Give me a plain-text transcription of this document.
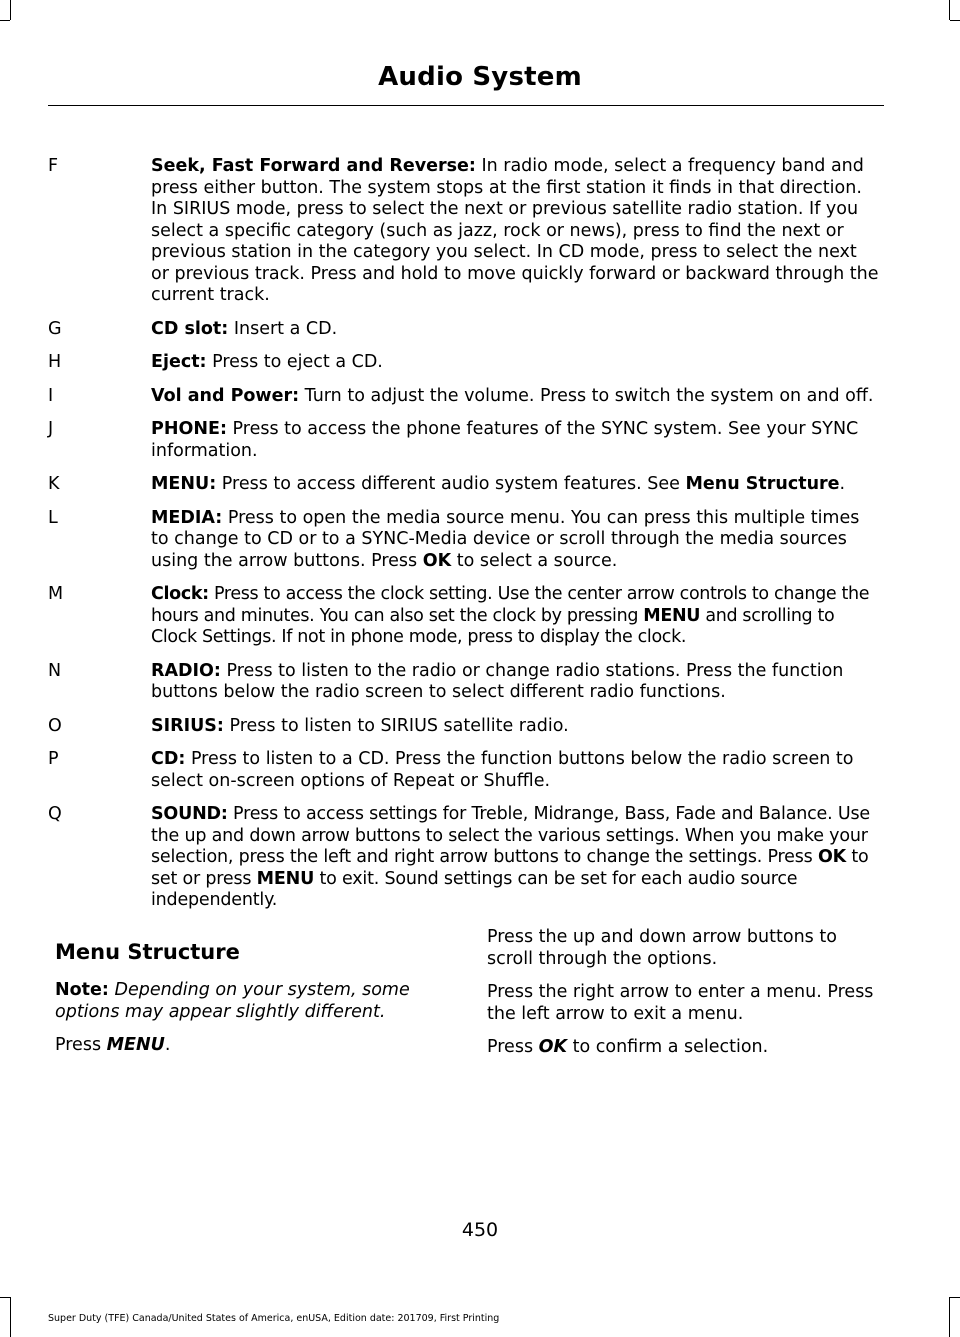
Audio System
F	Seek, Fast Forward and Reverse: In radio mode, select a frequency band and press either button. The system stops at the first station it finds in that direction. In SIRIUS mode, press to select the next or previous satellite radio station. If you select a specific category (such as jazz, rock or news), press to find the next or previous station in the category you select. In CD mode, press to select the next or previous track. Press and hold to move quickly forward or backward through the current track.
G	CD slot: Insert a CD.
H	Eject: Press to eject a CD.
I	Vol and Power: Turn to adjust the volume. Press to switch the system on and off.
J	PHONE: Press to access the phone features of the SYNC system. See your SYNC information.
K	MENU: Press to access different audio system features. See Menu Structure.
L	MEDIA: Press to open the media source menu. You can press this multiple times to change to CD or to a SYNC-Media device or scroll through the media sources using the arrow buttons. Press OK to select a source.
M	Clock: Press to access the clock setting. Use the center arrow controls to change the hours and minutes. You can also set the clock by pressing MENU and scrolling to Clock Settings. If not in phone mode, press to display the clock.
N	RADIO: Press to listen to the radio or change radio stations. Press the function buttons below the radio screen to select different radio functions.
O	SIRIUS: Press to listen to SIRIUS satellite radio.
P	CD: Press to listen to a CD. Press the function buttons below the radio screen to select on-screen options of Repeat or Shuffle.
Q	SOUND: Press to access settings for Treble, Midrange, Bass, Fade and Balance. Use the up and down arrow buttons to select the various settings. When you make your selection, press the left and right arrow buttons to change the settings. Press OK to set or press MENU to exit. Sound settings can be set for each audio source independently.
Menu Structure
Note: Depending on your system, some options may appear slightly different.
Press MENU.
Press the up and down arrow buttons to scroll through the options.
Press the right arrow to enter a menu. Press the left arrow to exit a menu.
Press OK to confirm a selection.
450
Super Duty (TFE) Canada/United States of America, enUSA, Edition date: 201709, First Printing
